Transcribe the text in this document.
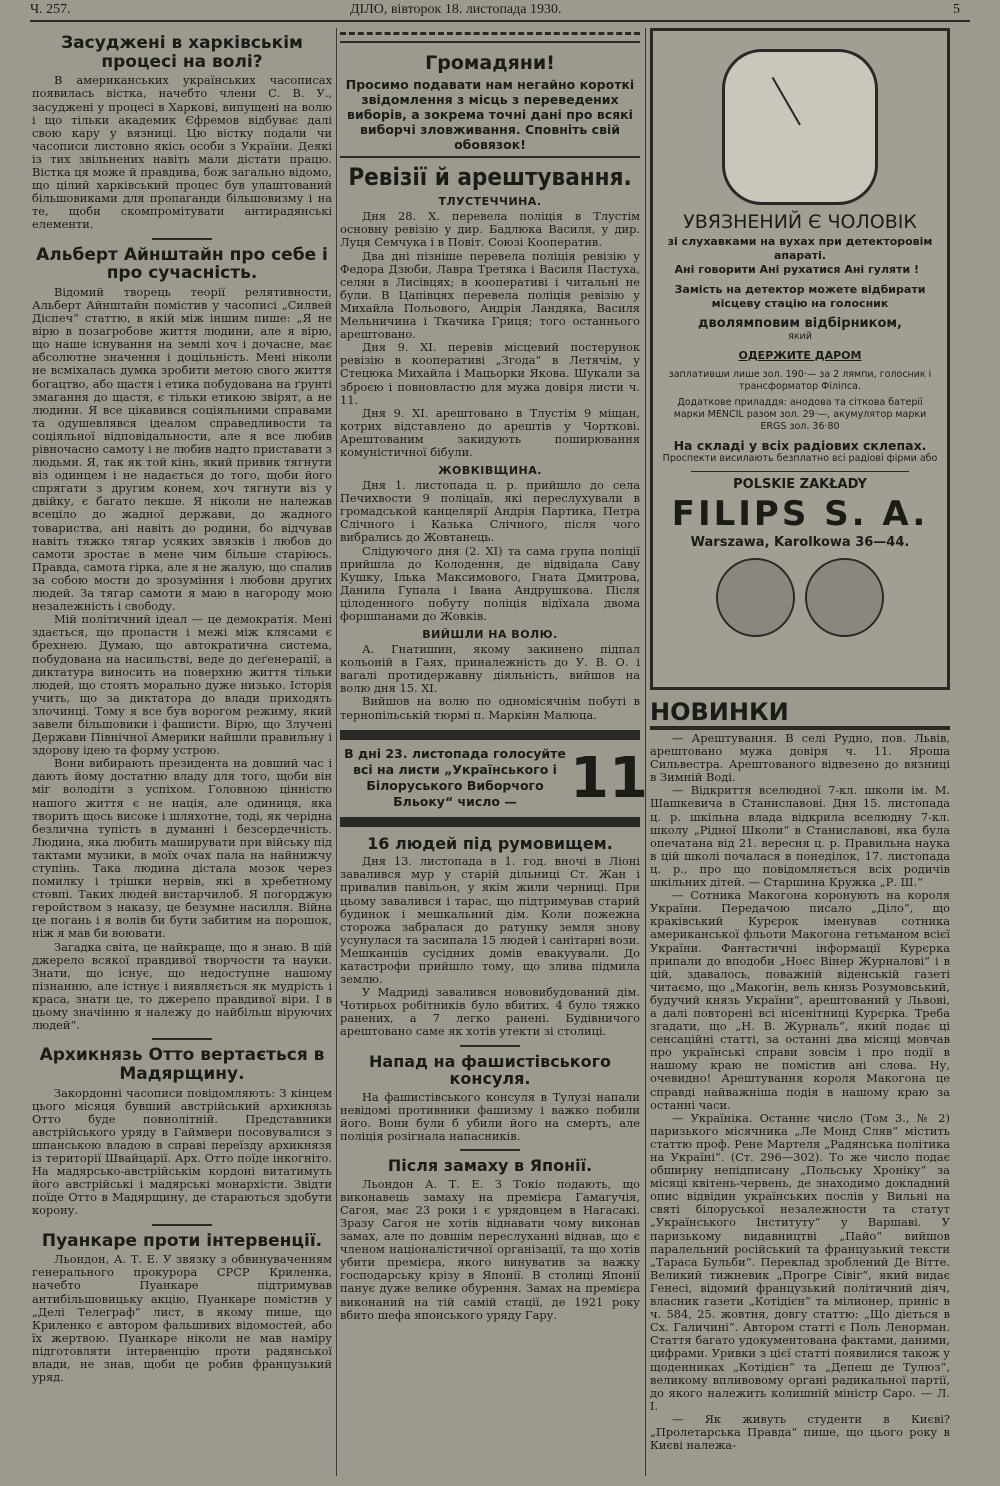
Ч. 257.	ДІЛО, вівторок 18. листопада 1930.	5
Засуджені в харківськім процесі на волі?

В американських українських часописах появилась вістка, начебто члени С. В. У., засуджені у процесі в Харкові, випущені на волю і що тільки академик Єфремов відбуває далі свою кару у вязниці. Цю вістку подали чи часописи листовно якісь особи з України. Деякі із тих звільнених навіть мали дістати працю. Вістка ця може й правдива, бож загально відомо, що цілий харківський процес був улаштований більшовиками для пропаганди більшовизму і на те, щоби скомпромітувати антирадянські елементи.

Альберт Айнштайн про себе і про сучасність.

Відомий творець теорії релятивности, Альберт Айнштайн помістив у часописі „Силвей Діспеч“ статтю, в якій між іншим пише: „Я не вірю в позагробове життя людини, але я вірю, що наше існування на землі хоч і дочасне, має абсолютне значення і доцільність. Мені ніколи не всміхалась думка зробити метою свого життя богацтво, або щастя і етика побудована на ґрунті змагання до щастя, є тільки етикою звірят, а не людини. Я все цікавився соціяльними справами та одушевлявся ідеалом справедливости та соціяльної відповідальности, але я все любив рівночасно самоту і не любив надто приставати з людьми. Я, так як той кінь, який привик тягнути віз одинцем і не надається до того, щоби його спрягати з другим конем, хоч тягнути віз у двійку, є багато лекше. Я ніколи не належав всеціло до жадної держави, до жадного товариства, ані навіть до родини, бо відчував навіть тяжко тягар усяких звязків і любов до самоти зростає в мене чим більше старіюсь. Правда, самота гірка, але я не жалую, що спалив за собою мости до зрозуміння і любови других людей. За тягар самоти я маю в нагороду мою незалежність і свободу.

Мій політичний ідеал — це демократія. Мені здається, що пропасти і межі між клясами є брехнею. Думаю, що автократична система, побудована на насильстві, веде до деґенерації, а диктатура виносить на поверхню життя тільки людей, що стоять морально дуже низько. Історія учить, що за диктатора до влади приходять злочинці. Тому я все був ворогом режиму, який завели більшовики і фашисти. Вірю, що Злучені Держави Північної Америки найшли правильну і здорову ідею та форму устрою.

Вони вибирають президента на довший час і дають йому достатню владу для того, щоби він міг володіти з успіхом. Головною цінністю нашого життя є не нація, але одиниця, яка творить щось високе і шляхотне, тоді, як черідна безлична тупість в думанні і безсердечність. Людина, яка любить маширувати при війську під тактами музики, в моїх очах пала на найнижчу ступінь. Така людина дістала мозок через помилку і трішки нервів, які в хребетному стовпі. Таких людей вистарчилоб. Я погорджую геройством з наказу, це безумне насилля. Війна це погань і я волів би бути забитим на порошок, ніж я мав би воювати.

Загадка світа, це найкраще, що я знаю. В цій джерело всякої правдивої творчости та науки. Знати, що існує, що недоступне нашому пізнанню, але істнує і виявляється як мудрість і краса, знати це, то джерело правдивої віри. І в цьому значінню я належу до найбільш віруючих людей“.

Архикнязь Отто вертається в Мадярщину.

Закордонні часописи повідомляють: З кінцем цього місяця бувший австрійський архикнязь Отто буде повнолітній. Представники австрійського уряду в Гаймвери посовувалися з шпанською владою в справі переїзду архикнязя із території Швайцарії. Арх. Отто поїде інкогніто. На мадярсько-австрійськім кордоні витатимуть його австрійські і мадярські монархісти. Звідти поїде Отто в Мадярщину, де стараються здобути корону.

Пуанкаре проти інтервенції.

Льондон, А. Т. Е. У звязку з обвинуваченням генерального прокурора СРСР Криленка, начебто Пуанкаре підтримував антибільшовицьку акцію, Пуанкаре помістив у „Делі Телеграф“ лист, в якому пише, що Криленко є автором фальшивих відомостей, або їх жертвою. Пуанкаре ніколи не мав наміру підготовляти інтервенцію проти радянської влади, не знав, щоби це робив французький уряд.

Громадяни!

Просимо подавати нам негайно короткі звідомлення з місць з переведених виборів, а зокрема точні дані про всякі виборчі зловживання. Сповніть свій обовязок!

Ревізії й арештування.
ТЛУСТЕЧЧИНА.

Дня 28. X. перевела поліція в Тлустім основну ревізію у дир. Бадлюка Василя, у дир. Луця Семчука і в Повіт. Союзі Кооператив.

Два дні пізніше перевела поліція ревізію у Федора Дзюби, Лавра Третяка і Василя Пастуха, селян в Лисівцях; в кооперативі і читальні не були. В Цапівцях перевела поліція ревізію у Михайла Польового, Андрія Ландяка, Василя Мельничина і Ткачика Гриця; того останнього арештовано.

Дня 9. XI. перевів місцевий постерунок ревізію в кооперативі „Згода“ в Летячім, у Стецюка Михайла і Мацьорки Якова. Шукали за зброєю і повновластю для мужа довіря листи ч. 11.

Дня 9. XI. арештовано в Тлустім 9 міщан, котрих відставлено до арештів у Чорткові. Арештованим закидують поширювання комуністичної бібули.

ЖОВКІВЩИНА.

Дня 1. листопада ц. р. прийшло до села Печихвости 9 поліцаїв, які переслухували в громадськой канцелярії Андрія Партика, Петра Слічного і Казька Слічного, після чого вибрались до Жовтанець.

Слідуючого дня (2. XI) та сама група поліції прийшла до Колодення, де відвідала Саву Кушку, Ілька Максимового, Гната Дмитрова, Данила Гупала і Івана Андрушкова. Після цілоденного побуту поліція відїхала двома форшпанами до Жовків.

ВИЙШЛИ НА ВОЛЮ.

А. Гнатишин, якому закинено підпал кольоній в Гаях, приналежність до У. В. О. і вагалі протидержавну діяльність, вийшов на волю дня 15. XI.

Вийшов на волю по одномісячнім побуті в тернопільській тюрмі п. Маркіян Малюца.

В дні 23. листопада голосуйте всі на листи „Українського і Білоруського Виборчого Бльоку“ число — 11
16 людей під румовищем.

Дня 13. листопада в 1. год. вночі в Ліоні завалився мур у старій дільниці Ст. Жан і привалив павільон, у якім жили черниці. При цьому завалився і тарас, що підтримував старий будинок і мешкальний дім. Коли пожежна сторожа забралася до ратунку земля знову усунулася та засипала 15 людей і санітарні вози. Мешканців сусідних домів евакуували. До катастрофи прийшло тому, що злива підмила землю.

У Мадриді завалився нововибудований дім. Чотирьох робітників було вбитих, 4 було тяжко ранених, а 7 легко ранені. Будівничого арештовано саме як хотів утекти зі столиці.

Напад на фашистівського консуля.

На фашистівського консуля в Тулузі напали невідомі противники фашизму і важко побили його. Вони були б убили його на смерть, але поліція розігнала напасників.

Після замаху в Японії.

Льондон А. Т. Е. З Токіо подають, що виконавець замаху на премієра Гамагучія, Сагоя, має 23 роки і є урядовцем в Нагасакі. Зразу Сагоя не хотів віднавати чому виконав замах, але по довшім переслуханні віднав, що є членом націоналістичної організації, та що хотів убити премієра, якого винуватив за важку господарську крізу в Японії. В столиці Японії панує дуже велике обурення. Замах на премієра виконаний на тій самій стації, де 1921 року вбито шефа японського уряду Гару.

УВЯЗНЕНИЙ Є ЧОЛОВІК
зі слухавками на вухах при детекторовім апараті.
Ані говорити Ані рухатися Ані гуляти !
Замість на детектор можете відбирати місцеву стацію на голосник
дволямповим відбірником,
який
ОДЕРЖИТЕ ДАРОМ
заплативши лише зол. 190·— за 2 лямпи, голосник і трансформатор Філіпса.
Додаткове приладдя: анодова та сіткова батерії марки MENCIL разом зол. 29·—, акумулятор марки ERGS зол. 36·80
На складі у всіх радіових склепах.
Проспекти висилають безплатно всі радіові фірми або
POLSKIE ZAKŁADY
FILIPS S. A.
Warszawa, Karolkowa 36—44.
НОВИНКИ

— Арештування. В селі Рудно, пов. Львів, арештовано мужа довіря ч. 11. Яроша Сильвестра. Арештованого відвезено до вязниці в Зимній Воді.

— Відкриття вселюдної 7-кл. школи ім. М. Шашкевича в Станиславові. Дня 15. листопада ц. р. шкільна влада відкрила вселюдну 7-кл. школу „Рідної Школи“ в Станиславові, яка була опечатана від 21. вересня ц. р. Правильна наука в цій школі почалася в понеділок, 17. листопада ц. р., про що повідомляється всіх родичів шкільних дітей. — Старшина Кружка „Р. Ш.“

— Сотника Макогона коронують на короля України. Передачою писало „Діло“, що краківський Курєрок іменував сотника американської фльоти Макогона гетьманом всієї України. Фантастичні інформації Курєрка припали до вподоби „Ноєс Вінер Журналові“ і в цій, здавалось, поважній віденській газеті читаємо, що „Макогін, вель князь Розумовський, будучий князь України“, арештований у Львові, а далі повторені всі нісенітниці Курєрка. Треба згадати, що „Н. В. Журналь“, який подає ці сенсаційні статті, за останні два місяці мовчав про українські справи зовсім і про події в нашому краю не помістив ані слова. Ну, очевидно! Арештування короля Макогона це справді найважніша подія в нашому краю за останні часи.

— Україніка. Останнє число (Том 3., № 2) паризького місячника „Ле Монд Сляв“ містить статтю проф. Рене Мартеля „Радянська політика на Україні“. (Ст. 296—302). То же число подає обширну непідписану „Польську Хроніку“ за місяці квітень-червень, де знаходимо докладний опис відвідин українських послів у Вильні на святі білоруської незалежности та статут „Українського Інституту“ у Варшаві. У паризькому видавництві „Пайо“ вийшов паралельний російський та французький тексти „Тараса Бульби“. Переклад зроблений Де Вітте. Великий тижневик „Прогре Сівіг“, який видає Генесі, відомий французький політичний діяч, власник газети „Котідієн“ та мілионер, приніс в ч. 584, 25. жовтня, довгу статтю: „Що діється в Сх. Галичині“. Автором статті є Поль Ленорман. Стаття багато удокументована фактами, даними, цифрами. Уривки з цієї статті появилися також у щоденниках „Котідієн“ та „Депеш де Тулюз“, великому впливовому органі радикальної партії, до якого належить колишній міністр Саро. — Л. І.

— Як живуть студенти в Києві? „Пролетарська Правда“ пише, що цього року в Києві належа-
